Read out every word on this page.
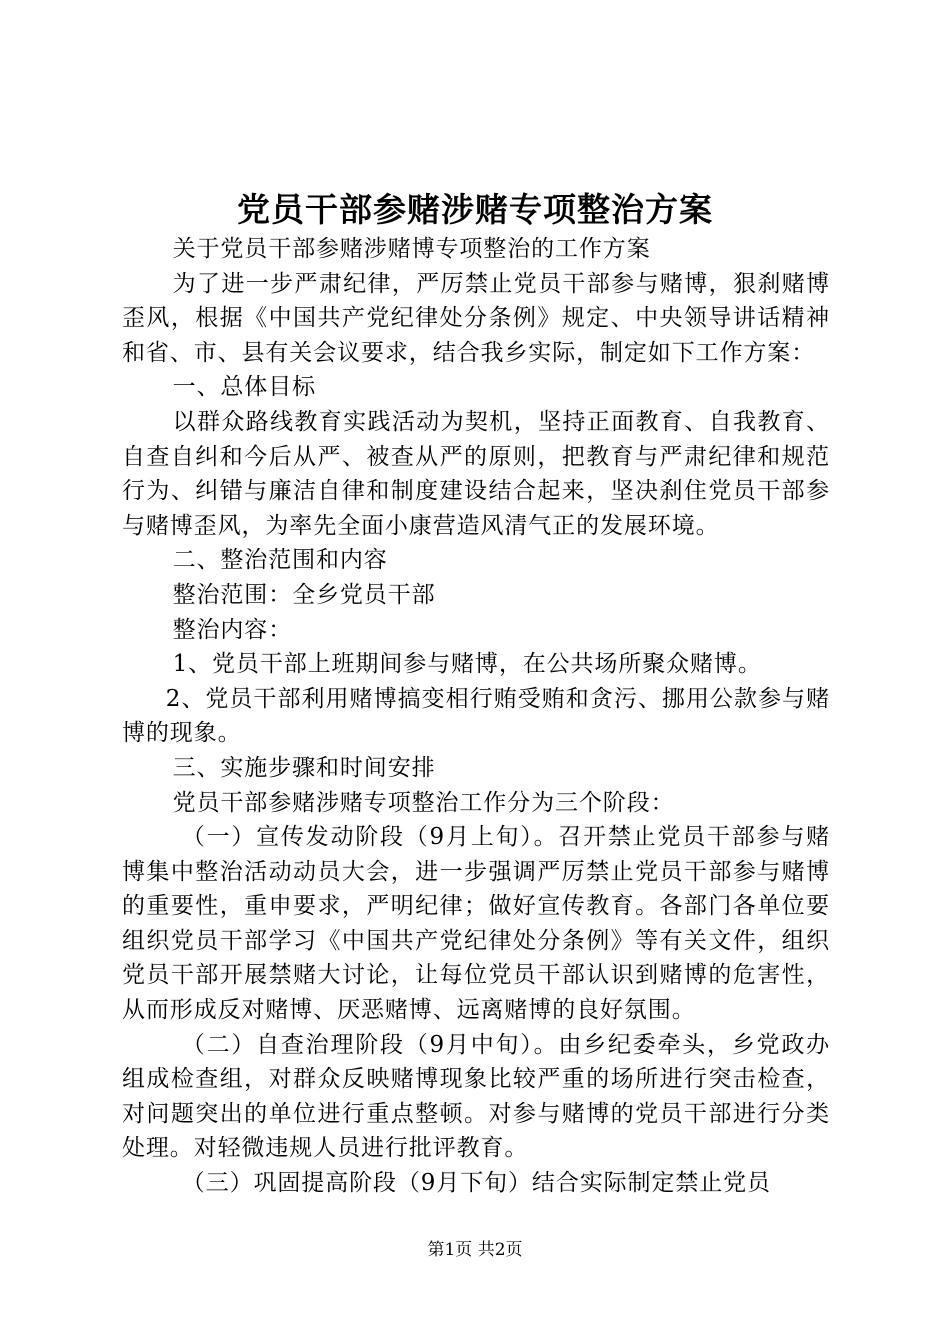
党员干部参赌涉赌专项整治方案

关于党员干部参赌涉赌博专项整治的工作方案

为了进一步严肃纪律，严厉禁止党员干部参与赌博，狠刹赌博歪风，根据《中国共产党纪律处分条例》规定、中央领导讲话精神和省、市、县有关会议要求，结合我乡实际，制定如下工作方案：

一、总体目标

以群众路线教育实践活动为契机，坚持正面教育、自我教育、自查自纠和今后从严、被查从严的原则，把教育与严肃纪律和规范行为、纠错与廉洁自律和制度建设结合起来，坚决刹住党员干部参与赌博歪风，为率先全面小康营造风清气正的发展环境。

二、整治范围和内容

整治范围：全乡党员干部

整治内容：

1、党员干部上班期间参与赌博，在公共场所聚众赌博。

2、党员干部利用赌博搞变相行贿受贿和贪污、挪用公款参与赌博的现象。

三、实施步骤和时间安排

党员干部参赌涉赌专项整治工作分为三个阶段：

（一）宣传发动阶段（9月上旬）。召开禁止党员干部参与赌博集中整治活动动员大会，进一步强调严厉禁止党员干部参与赌博的重要性，重申要求，严明纪律；做好宣传教育。各部门各单位要组织党员干部学习《中国共产党纪律处分条例》等有关文件，组织党员干部开展禁赌大讨论，让每位党员干部认识到赌博的危害性，从而形成反对赌博、厌恶赌博、远离赌博的良好氛围。

（二）自查治理阶段（9月中旬）。由乡纪委牵头，乡党政办组成检查组，对群众反映赌博现象比较严重的场所进行突击检查，对问题突出的单位进行重点整顿。对参与赌博的党员干部进行分类处理。对轻微违规人员进行批评教育。

（三）巩固提高阶段（9月下旬）结合实际制定禁止党员

第1页 共2页
